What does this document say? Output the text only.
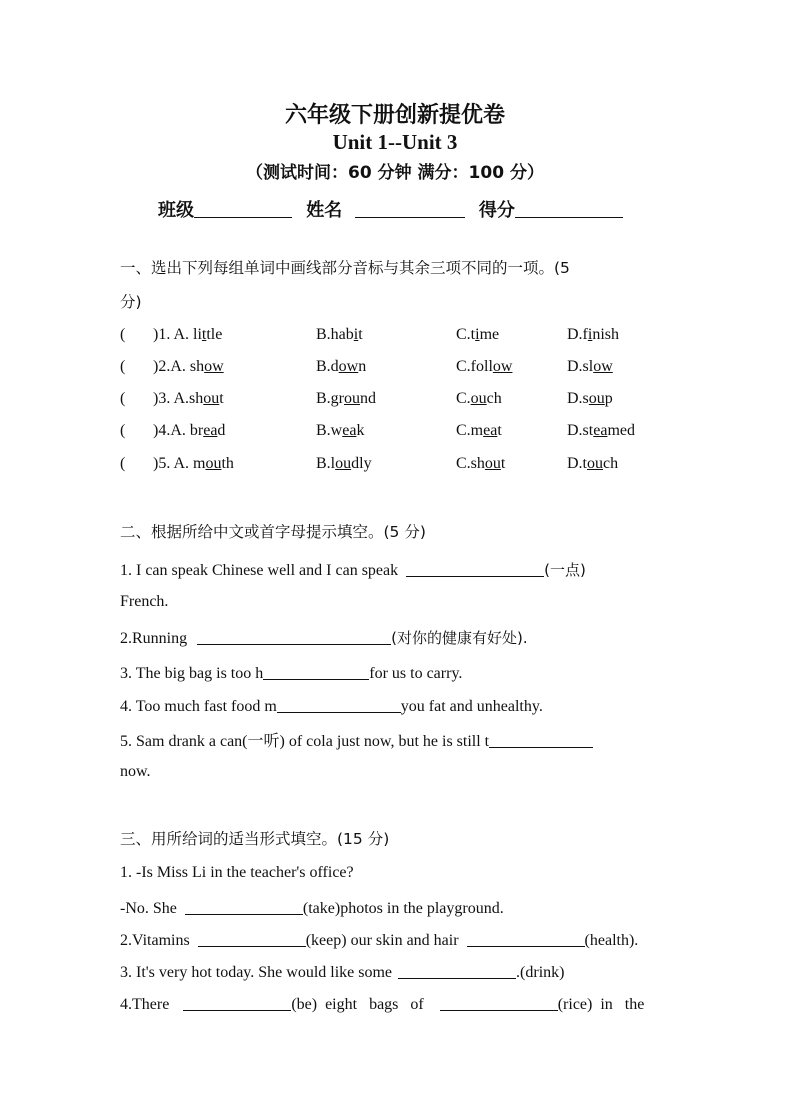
六年级下册创新提优卷
Unit 1--Unit 3
（测试时间：60 分钟 满分：100 分）
班级	姓名	得分
一、选出下列每组单词中画线部分音标与其余三项不同的一项。(5
分)
( )1. A. little	B.habit	C.time	D.finish
( )2.A. show	B.down	C.follow	D.slow
( )3. A.shout	B.ground	C.ouch	D.soup
( )4.A. bread	B.weak	C.meat	D.steamed
( )5. A. mouth	B.loudly	C.shout	D.touch
二、根据所给中文或首字母提示填空。(5 分)
1. I can speak Chinese well and I can speak	(一点)
French.
2.Running	(对你的健康有好处).
3. The big bag is too h	for us to carry.
4. Too much fast food m	you fat and unhealthy.
5. Sam drank a can(一听) of cola just now, but he is still t
now.
三、用所给词的适当形式填空。(15 分)
1. -Is Miss Li in the teacher's office?
-No. She	(take)photos in the playground.
2.Vitamins	(keep) our skin and hair	(health).
3. It's very hot today. She would like some	.(drink)
4.There	(be)  eight   bags   of	(rice)  in   the
